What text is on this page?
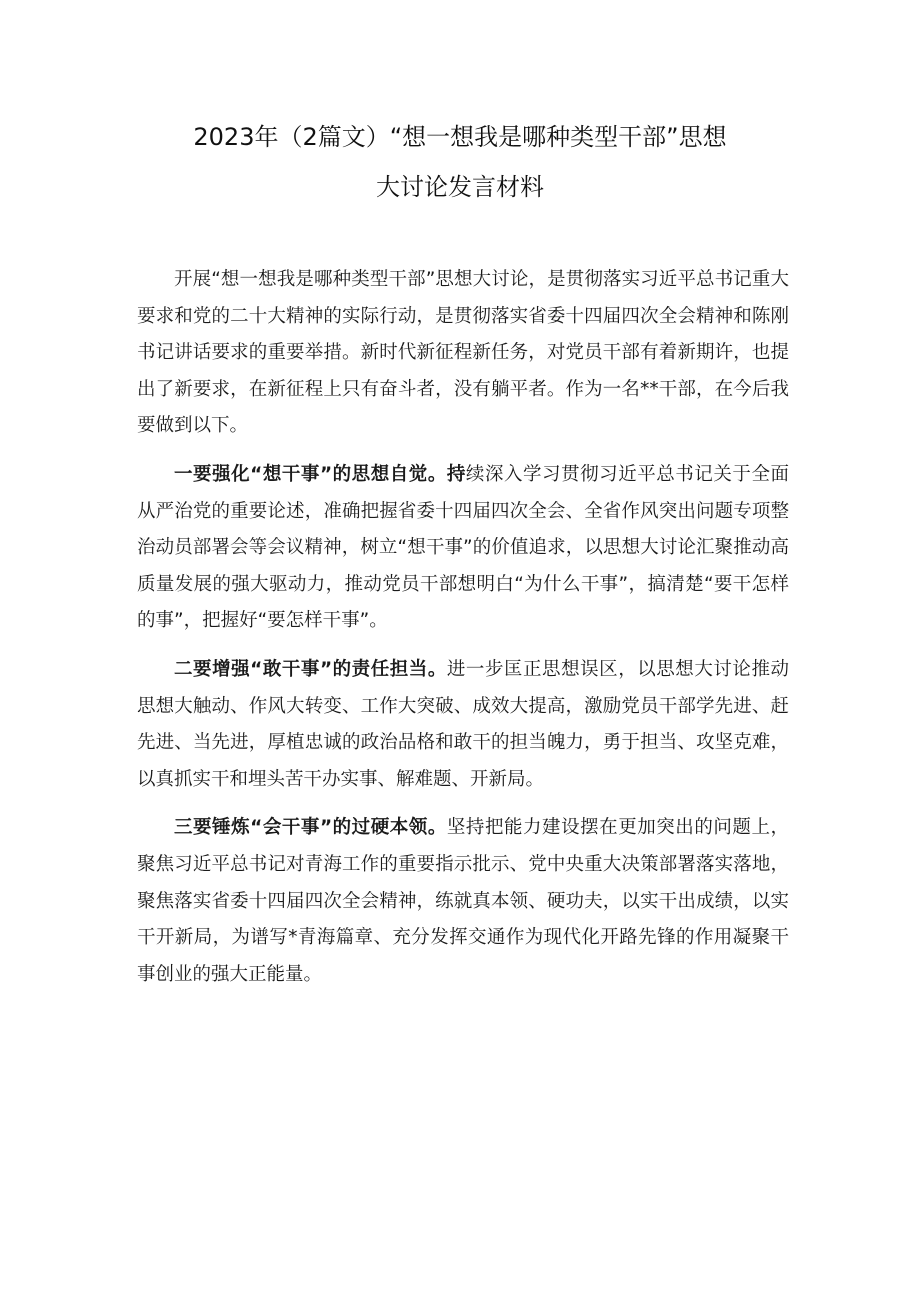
2023年（2篇文）“想一想我是哪种类型干部”思想
大讨论发言材料

开展“想一想我是哪种类型干部”思想大讨论，是贯彻落实习近平总书记重大要求和党的二十大精神的实际行动，是贯彻落实省委十四届四次全会精神和陈刚书记讲话要求的重要举措。新时代新征程新任务，对党员干部有着新期许，也提出了新要求，在新征程上只有奋斗者，没有躺平者。作为一名**干部，在今后我要做到以下。

一要强化“想干事”的思想自觉。持续深入学习贯彻习近平总书记关于全面从严治党的重要论述，准确把握省委十四届四次全会、全省作风突出问题专项整治动员部署会等会议精神，树立“想干事”的价值追求，以思想大讨论汇聚推动高质量发展的强大驱动力，推动党员干部想明白“为什么干事”，搞清楚“要干怎样的事”，把握好“要怎样干事”。

二要增强“敢干事”的责任担当。进一步匡正思想误区，以思想大讨论推动思想大触动、作风大转变、工作大突破、成效大提高，激励党员干部学先进、赶先进、当先进，厚植忠诚的政治品格和敢干的担当魄力，勇于担当、攻坚克难，以真抓实干和埋头苦干办实事、解难题、开新局。

三要锤炼“会干事”的过硬本领。坚持把能力建设摆在更加突出的问题上，聚焦习近平总书记对青海工作的重要指示批示、党中央重大决策部署落实落地，聚焦落实省委十四届四次全会精神，练就真本领、硬功夫，以实干出成绩，以实干开新局，为谱写*青海篇章、充分发挥交通作为现代化开路先锋的作用凝聚干事创业的强大正能量。
